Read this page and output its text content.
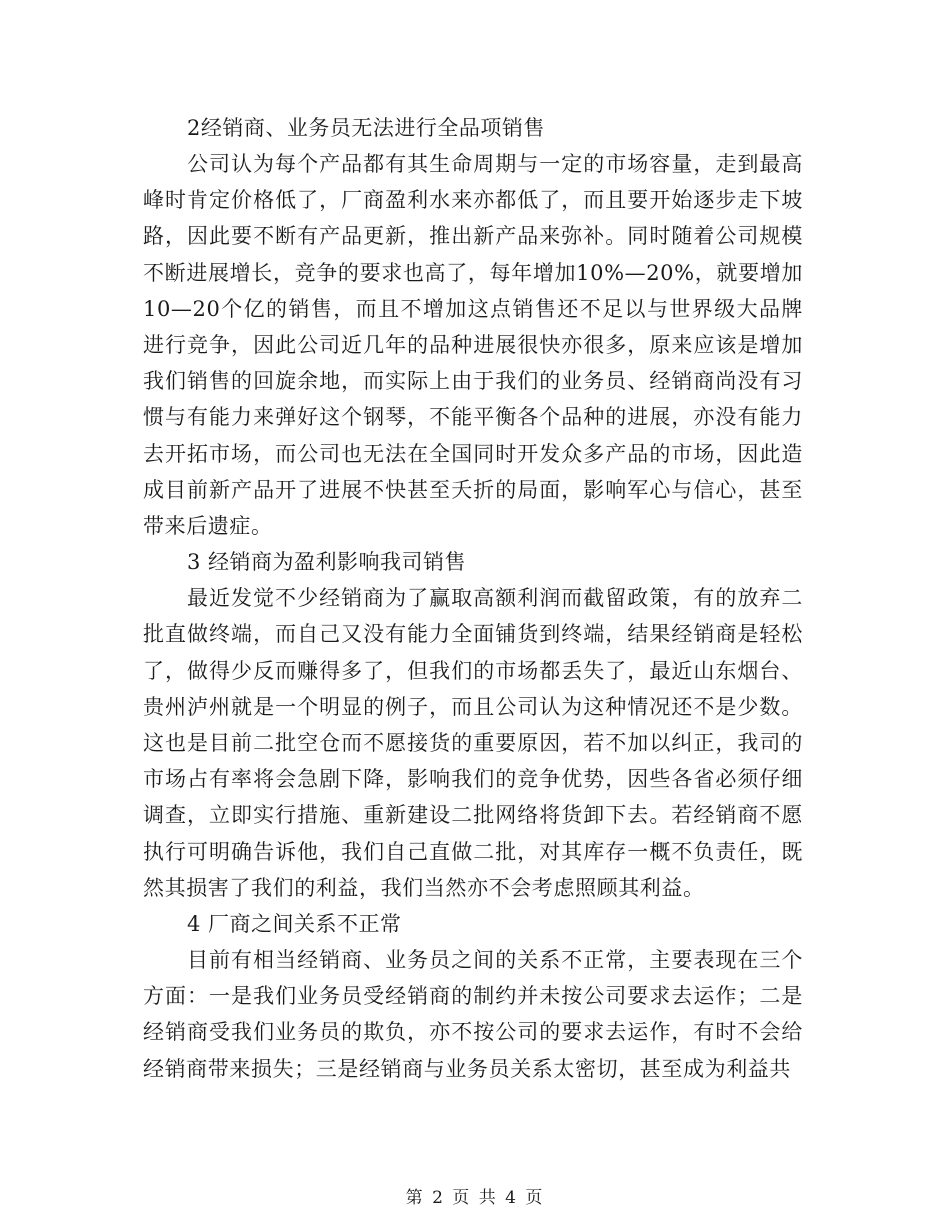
2经销商、业务员无法进行全品项销售

公司认为每个产品都有其生命周期与一定的市场容量，走到最高峰时肯定价格低了，厂商盈利水来亦都低了，而且要开始逐步走下坡路，因此要不断有产品更新，推出新产品来弥补。同时随着公司规模不断进展增长，竞争的要求也高了，每年增加10%—20%，就要增加10—20个亿的销售，而且不增加这点销售还不足以与世界级大品牌进行竞争，因此公司近几年的品种进展很快亦很多，原来应该是增加我们销售的回旋余地，而实际上由于我们的业务员、经销商尚没有习惯与有能力来弹好这个钢琴，不能平衡各个品种的进展，亦没有能力去开拓市场，而公司也无法在全国同时开发众多产品的市场，因此造成目前新产品开了进展不快甚至夭折的局面，影响军心与信心，甚至带来后遗症。

3 经销商为盈利影响我司销售

最近发觉不少经销商为了赢取高额利润而截留政策，有的放弃二批直做终端，而自己又没有能力全面铺货到终端，结果经销商是轻松了，做得少反而赚得多了，但我们的市场都丢失了，最近山东烟台、贵州泸州就是一个明显的例子，而且公司认为这种情况还不是少数。这也是目前二批空仓而不愿接货的重要原因，若不加以纠正，我司的市场占有率将会急剧下降，影响我们的竞争优势，因些各省必须仔细调查，立即实行措施、重新建设二批网络将货卸下去。若经销商不愿执行可明确告诉他，我们自己直做二批，对其库存一概不负责任，既然其损害了我们的利益，我们当然亦不会考虑照顾其利益。

4 厂商之间关系不正常

目前有相当经销商、业务员之间的关系不正常，主要表现在三个方面：一是我们业务员受经销商的制约并未按公司要求去运作；二是经销商受我们业务员的欺负，亦不按公司的要求去运作，有时不会给经销商带来损失；三是经销商与业务员关系太密切，甚至成为利益共

第 2 页 共 4 页
